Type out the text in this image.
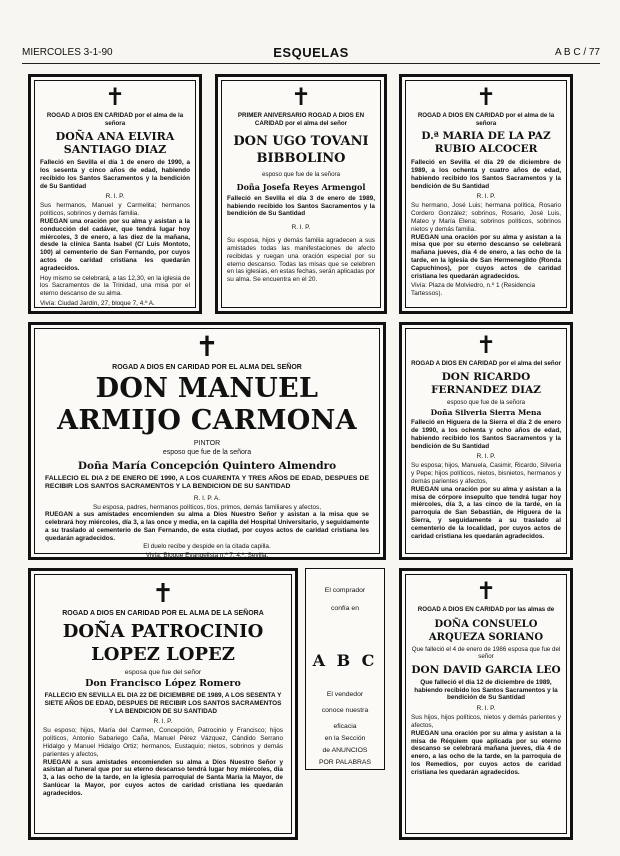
MIERCOLES 3-1-90	ESQUELAS	A B C / 77
✝
ROGAD A DIOS EN CARIDAD por el alma de la señora
DOÑA ANA ELVIRA SANTIAGO DIAZ

Falleció en Sevilla el día 1 de enero de 1990, a los sesenta y cinco años de edad, habiendo recibido los Santos Sacramentos y la bendición de Su Santidad

R. I. P.

Sus hermanos, Manuel y Carmelita; hermanos políticos, sobrinos y demás familia.

RUEGAN una oración por su alma y asistan a la conducción del cadáver, que tendrá lugar hoy miércoles, 3 de enero, a las diez de la mañana, desde la clínica Santa Isabel (C/ Luis Montoto, 100) al cementerio de San Fernando, por cuyos actos de caridad cristiana les quedarán agradecidos.

Hoy mismo se celebrará, a las 12,30, en la iglesia de los Sacramentos de la Trinidad, una misa por el eterno descanso de su alma.

Vivía: Ciudad Jardín, 27, bloque 7, 4.º A.

✝
PRIMER ANIVERSARIO ROGAD A DIOS EN CARIDAD por el alma del señor
DON UGO TOVANI BIBBOLINO
esposo que fue de la señora
Doña Josefa Reyes Armengol

Falleció en Sevilla el día 3 de enero de 1989, habiendo recibido los Santos Sacramentos y la bendición de Su Santidad

R. I. P.

Su esposa, hijos y demás familia agradecen a sus amistades todas las manifestaciones de afecto recibidas y ruegan una oración especial por su eterno descanso. Todas las misas que se celebren en las iglesias, en estas fechas, serán aplicadas por su alma. Se encuentra en el 20.

✝
ROGAD A DIOS EN CARIDAD por el alma de la señora
D.ª MARIA DE LA PAZ RUBIO ALCOCER

Falleció en Sevilla el día 29 de diciembre de 1989, a los ochenta y cuatro años de edad, habiendo recibido los Santos Sacramentos y la bendición de Su Santidad

R. I. P.

Su hermano, José Luis; hermana política, Rosario Cordero González; sobrinos, Rosario, José Luis, Mateo y María Elena; sobrinos políticos, sobrinos nietos y demás familia.

RUEGAN una oración por su alma y asistan a la misa que por su eterno descanso se celebrará mañana jueves, día 4 de enero, a las ocho de la tarde, en la iglesia de San Hermenegildo (Ronda Capuchinos), por cuyos actos de caridad cristiana les quedarán agradecidos.

Vivía: Plaza de Molviedro, n.º 1 (Residencia Tartessos).

✝
ROGAD A DIOS EN CARIDAD POR EL ALMA DEL SEÑOR
DON MANUEL ARMIJO CARMONA
PINTOR
esposo que fue de la señora
Doña María Concepción Quintero Almendro

FALLECIO EL DIA 2 DE ENERO DE 1990, A LOS CUARENTA Y TRES AÑOS DE EDAD, DESPUES DE RECIBIR LOS SANTOS SACRAMENTOS Y LA BENDICION DE SU SANTIDAD

R. I. P. A.

Su esposa, padres, hermanos políticos, tíos, primos, demás familiares y afectos,

RUEGAN a sus amistades encomienden su alma a Dios Nuestro Señor y asistan a la misa que se celebrará hoy miércoles, día 3, a las once y media, en la capilla del Hospital Universitario, y seguidamente a su traslado al cementerio de San Fernando, de esta ciudad, por cuyos actos de caridad cristiana les quedarán agradecidos.

El duelo recibe y despide en la citada capilla.

Vivía: Bloque Evangelista n.º 7, 4.º, Sevilla.

✝
ROGAD A DIOS EN CARIDAD por el alma del señor
DON RICARDO FERNANDEZ DIAZ
esposo que fue de la señora
Doña Silveria Sierra Mena

Falleció en Higuera de la Sierra el día 2 de enero de 1990, a los ochenta y ocho años de edad, habiendo recibido los Santos Sacramentos y la bendición de Su Santidad

R. I. P.

Su esposa; hijos, Manuela, Casimir, Ricardo, Silveria y Pepe; hijos políticos, nietos, bisnietos, hermanos y demás parientes y afectos,

RUEGAN una oración por su alma y asistan a la misa de córpore insepulto que tendrá lugar hoy miércoles, día 3, a las cinco de la tarde, en la parroquia de San Sebastián, de Higuera de la Sierra, y seguidamente a su traslado al cementerio de la localidad, por cuyos actos de caridad cristiana les quedarán agradecidos.

✝
ROGAD A DIOS EN CARIDAD POR EL ALMA DE LA SEÑORA
DOÑA PATROCINIO LOPEZ LOPEZ
esposa que fue del señor
Don Francisco López Romero

FALLECIO EN SEVILLA EL DIA 22 DE DICIEMBRE DE 1989, A LOS SESENTA Y SIETE AÑOS DE EDAD, DESPUES DE RECIBIR LOS SANTOS SACRAMENTOS Y LA BENDICION DE SU SANTIDAD

R. I. P.

Su esposo; hijos, María del Carmen, Concepción, Patrocinio y Francisco; hijos políticos, Antonio Sabariego Caña, Manuel Pérez Vázquez, Cándido Serrano Hidalgo y Manuel Hidalgo Ortiz; hermanos, Eustaquio; nietos, sobrinos y demás parientes y afectos,

RUEGAN a sus amistades encomienden su alma a Dios Nuestro Señor y asistan al funeral que por su eterno descanso tendrá lugar hoy miércoles, día 3, a las ocho de la tarde, en la iglesia parroquial de Santa María la Mayor, de Sanlúcar la Mayor, por cuyos actos de caridad cristiana les quedarán agradecidos.

El comprador
confía en
A B C
El vendedor
conoce nuestra
eficacia
en la Sección
de ANUNCIOS
POR PALABRAS
✝
ROGAD A DIOS EN CARIDAD por las almas de
DOÑA CONSUELO ARQUEZA SORIANO
Que falleció el 4 de enero de 1986 esposa que fue del señor
DON DAVID GARCIA LEO

Que falleció el día 12 de diciembre de 1989, habiendo recibido los Santos Sacramentos y la bendición de Su Santidad

R. I. P.

Sus hijos, hijos políticos, nietos y demás parientes y afectos,

RUEGAN una oración por su alma y asistan a la misa de Réquiem que aplicada por su eterno descanso se celebrará mañana jueves, día 4 de enero, a las ocho de la tarde, en la parroquia de los Remedios, por cuyos actos de caridad cristiana les quedarán agradecidos.
